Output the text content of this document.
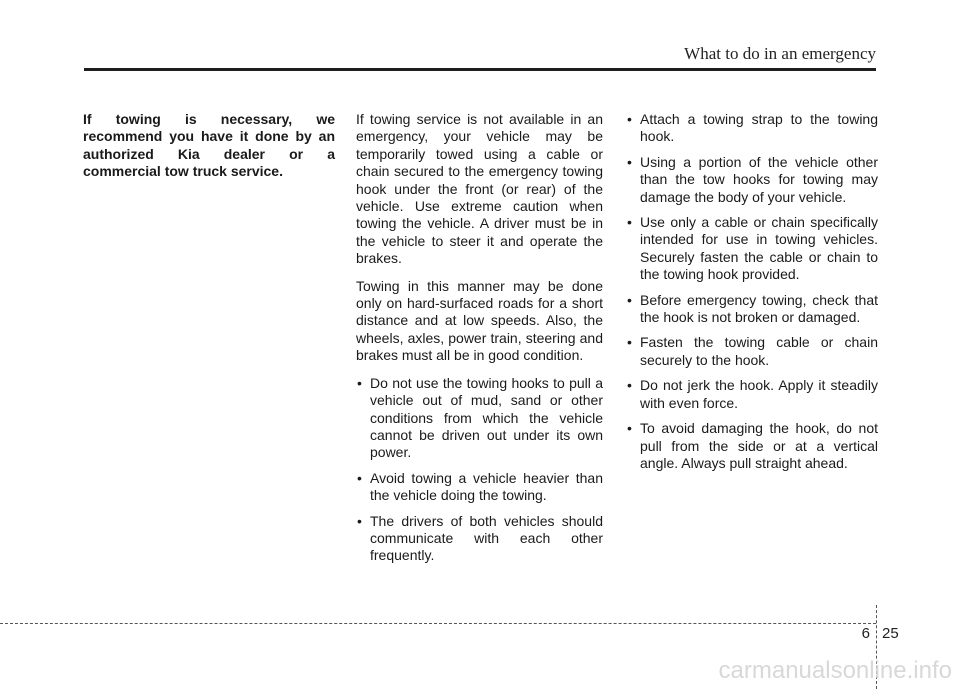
What to do in an emergency

If towing is necessary, we recommend you have it done by an authorized Kia dealer or a commercial tow truck service.

If towing service is not available in an emergency, your vehicle may be temporarily towed using a cable or chain secured to the emergency towing hook under the front (or rear) of the vehicle. Use extreme caution when towing the vehicle. A driver must be in the vehicle to steer it and operate the brakes.

Towing in this manner may be done only on hard-surfaced roads for a short distance and at low speeds. Also, the wheels, axles, power train, steering and brakes must all be in good condition.

• Do not use the towing hooks to pull a vehicle out of mud, sand or other conditions from which the vehicle cannot be driven out under its own power.
• Avoid towing a vehicle heavier than the vehicle doing the towing.
• The drivers of both vehicles should communicate with each other frequently.
• Attach a towing strap to the towing hook.
• Using a portion of the vehicle other than the tow hooks for towing may damage the body of your vehicle.
• Use only a cable or chain specifically intended for use in towing vehicles. Securely fasten the cable or chain to the towing hook provided.
• Before emergency towing, check that the hook is not broken or damaged.
• Fasten the towing cable or chain securely to the hook.
• Do not jerk the hook. Apply it steadily with even force.
• To avoid damaging the hook, do not pull from the side or at a vertical angle. Always pull straight ahead.
6 25
carmanualsonline.info
